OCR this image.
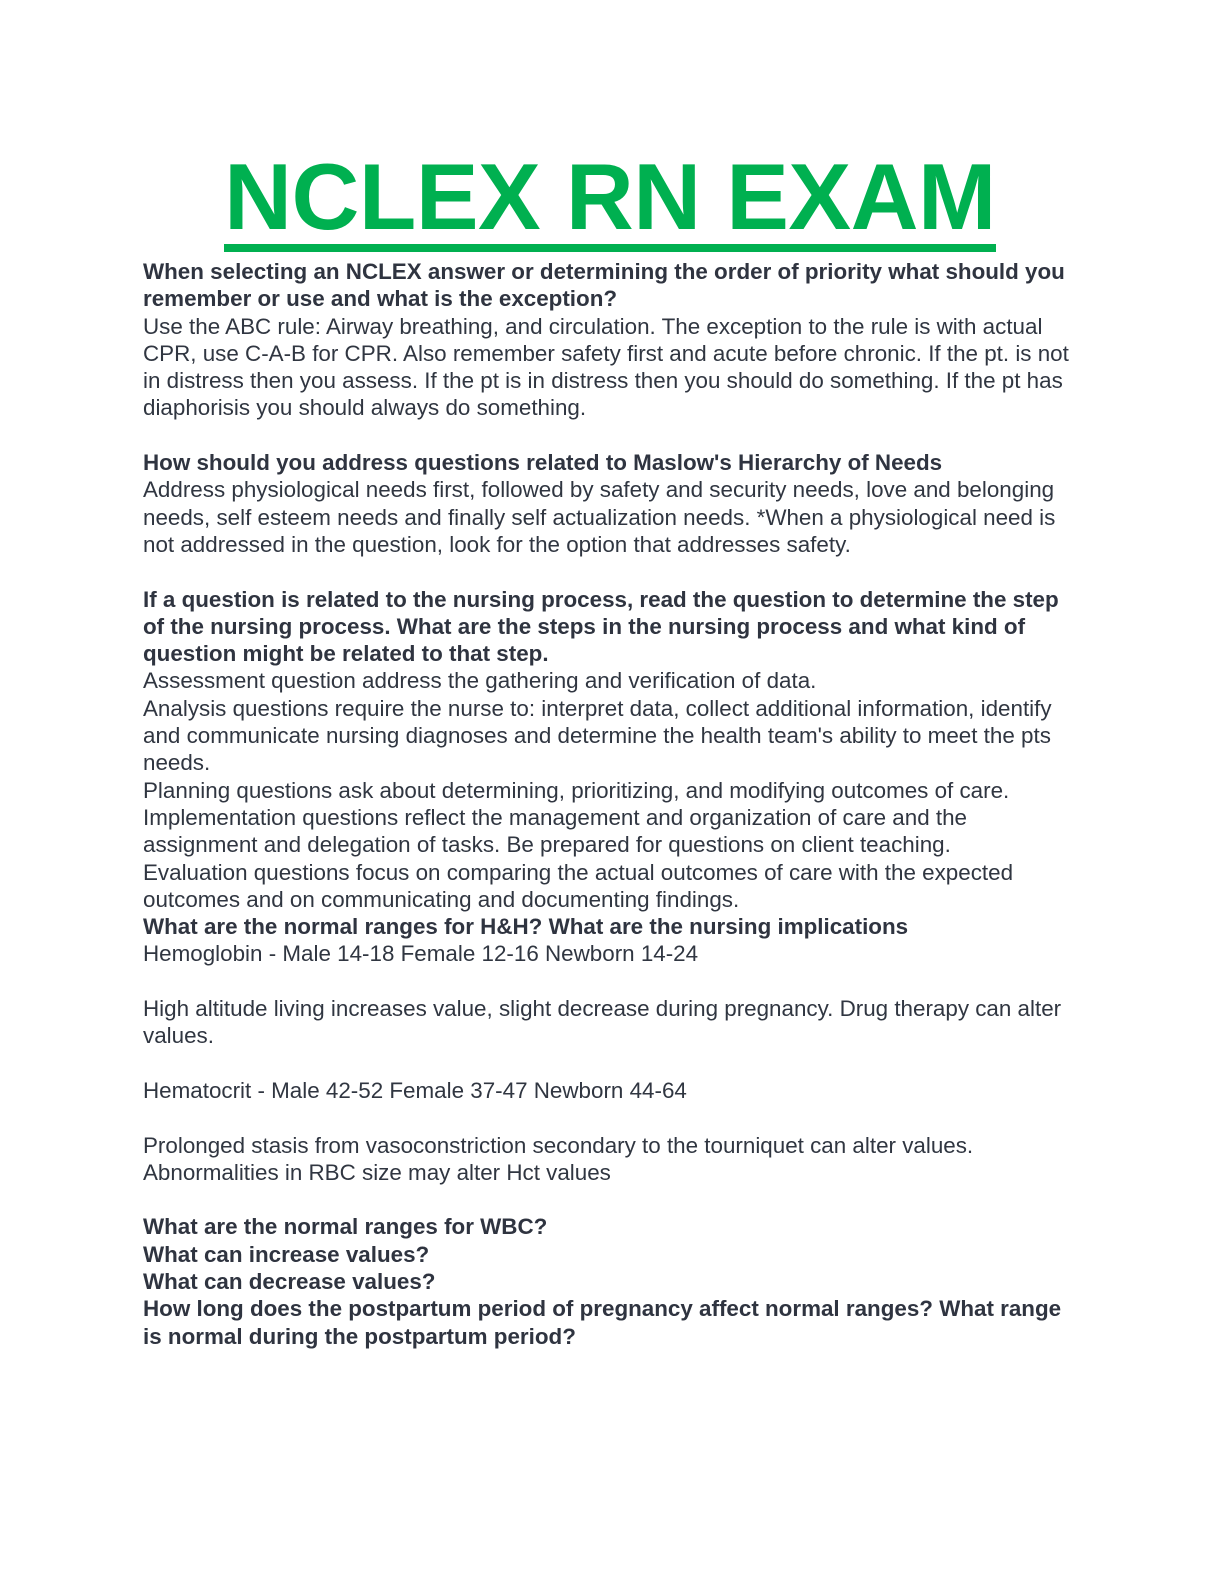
NCLEX RN EXAM

When selecting an NCLEX answer or determining the order of priority what should you remember or use and what is the exception?

Use the ABC rule: Airway breathing, and circulation. The exception to the rule is with actual CPR, use C-A-B for CPR. Also remember safety first and acute before chronic. If the pt. is not in distress then you assess. If the pt is in distress then you should do something. If the pt has diaphorisis you should always do something.

How should you address questions related to Maslow's Hierarchy of Needs

Address physiological needs first, followed by safety and security needs, love and belonging needs, self esteem needs and finally self actualization needs. *When a physiological need is not addressed in the question, look for the option that addresses safety.

If a question is related to the nursing process, read the question to determine the step of the nursing process. What are the steps in the nursing process and what kind of question might be related to that step.

Assessment question address the gathering and verification of data.

Analysis questions require the nurse to: interpret data, collect additional information, identify and communicate nursing diagnoses and determine the health team's ability to meet the pts needs.

Planning questions ask about determining, prioritizing, and modifying outcomes of care.

Implementation questions reflect the management and organization of care and the assignment and delegation of tasks. Be prepared for questions on client teaching.

Evaluation questions focus on comparing the actual outcomes of care with the expected outcomes and on communicating and documenting findings.

What are the normal ranges for H&H? What are the nursing implications

Hemoglobin - Male 14-18 Female 12-16 Newborn 14-24

High altitude living increases value, slight decrease during pregnancy. Drug therapy can alter values.

Hematocrit - Male 42-52 Female 37-47 Newborn 44-64

Prolonged stasis from vasoconstriction secondary to the tourniquet can alter values.

Abnormalities in RBC size may alter Hct values

What are the normal ranges for WBC?

What can increase values?

What can decrease values?

How long does the postpartum period of pregnancy affect normal ranges? What range is normal during the postpartum period?
